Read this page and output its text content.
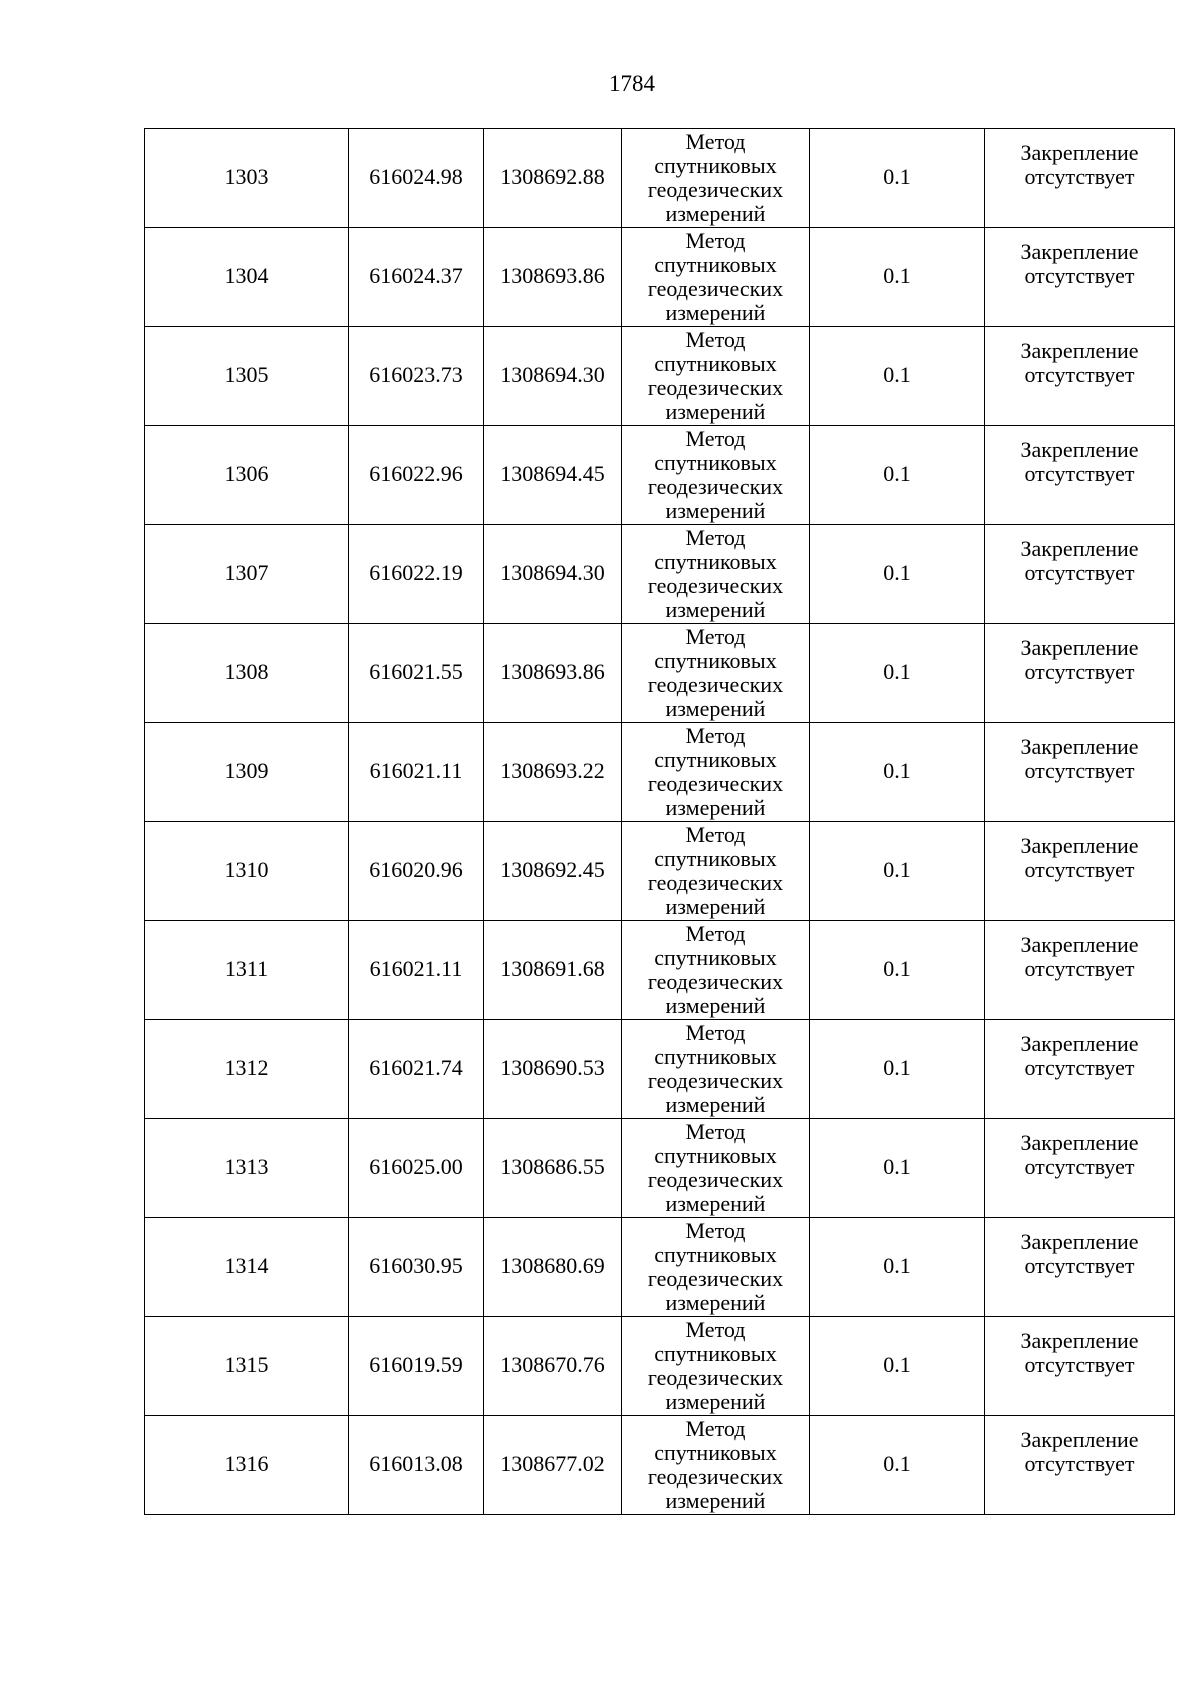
1784
1303	616024.98	1308692.88	Метод
спутниковых
геодезических
измерений	0.1	Закрепление
отсутствует

1304	616024.37	1308693.86	Метод
спутниковых
геодезических
измерений	0.1	Закрепление
отсутствует

1305	616023.73	1308694.30	Метод
спутниковых
геодезических
измерений	0.1	Закрепление
отсутствует

1306	616022.96	1308694.45	Метод
спутниковых
геодезических
измерений	0.1	Закрепление
отсутствует

1307	616022.19	1308694.30	Метод
спутниковых
геодезических
измерений	0.1	Закрепление
отсутствует

1308	616021.55	1308693.86	Метод
спутниковых
геодезических
измерений	0.1	Закрепление
отсутствует

1309	616021.11	1308693.22	Метод
спутниковых
геодезических
измерений	0.1	Закрепление
отсутствует

1310	616020.96	1308692.45	Метод
спутниковых
геодезических
измерений	0.1	Закрепление
отсутствует

1311	616021.11	1308691.68	Метод
спутниковых
геодезических
измерений	0.1	Закрепление
отсутствует

1312	616021.74	1308690.53	Метод
спутниковых
геодезических
измерений	0.1	Закрепление
отсутствует

1313	616025.00	1308686.55	Метод
спутниковых
геодезических
измерений	0.1	Закрепление
отсутствует

1314	616030.95	1308680.69	Метод
спутниковых
геодезических
измерений	0.1	Закрепление
отсутствует

1315	616019.59	1308670.76	Метод
спутниковых
геодезических
измерений	0.1	Закрепление
отсутствует

1316	616013.08	1308677.02	Метод
спутниковых
геодезических
измерений	0.1	Закрепление
отсутствует
